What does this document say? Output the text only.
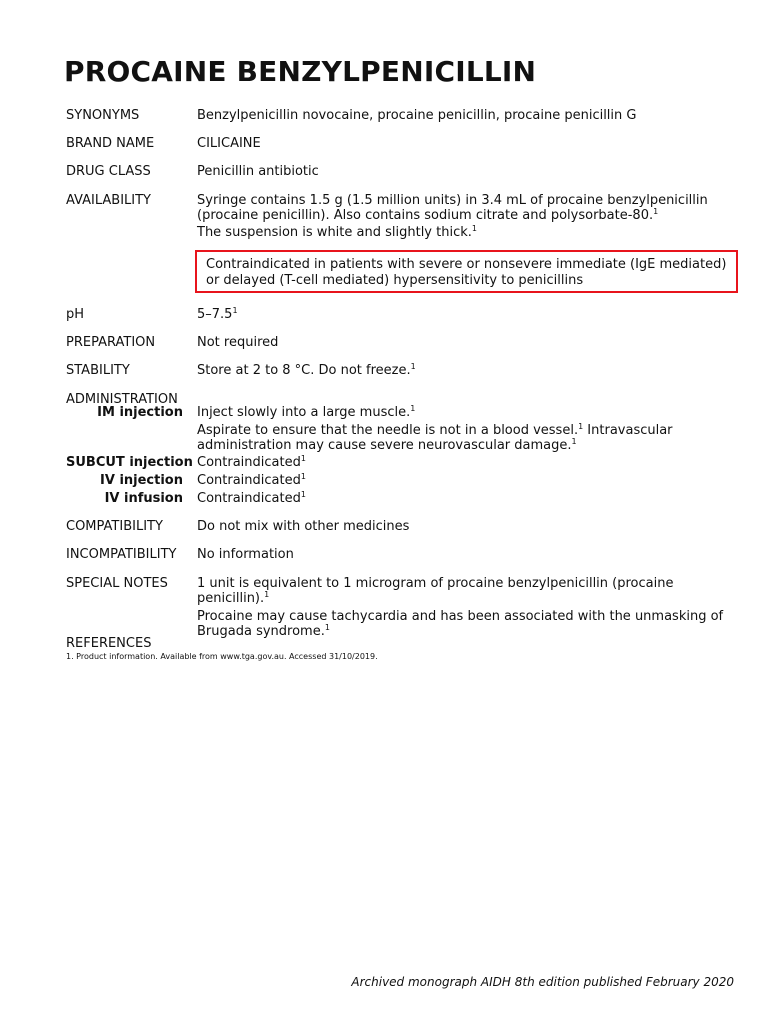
PROCAINE BENZYLPENICILLIN
SYNONYMS	Benzylpenicillin novocaine, procaine penicillin, procaine penicillin G
BRAND NAME	CILICAINE
DRUG CLASS	Penicillin antibiotic
AVAILABILITY	Syringe contains 1.5 g (1.5 million units) in 3.4 mL of procaine benzylpenicillin

(procaine penicillin). Also contains sodium citrate and polysorbate-80.$^1$

The suspension is white and slightly thick.$^1$

Contraindicated in patients with severe or nonsevere immediate (IgE mediated) or delayed (T-cell mediated) hypersensitivity to penicillins
pH	$5-7.5^1$
PREPARATION	Not required
STABILITY	Store at 2 to 8 °C. Do not freeze.$^1$
ADMINISTRATION
IM injection Inject slowly into a large muscle.$^1$

Aspirate to ensure that the needle is not in a blood vessel.$^1$ Intravascular

administration may cause severe neurovascular damage.$^1$

SUBCUT injection Contraindicated$^1$
IV injection Contraindicated$^1$
IV infusion Contraindicated$^1$
COMPATIBILITY	Do not mix with other medicines
INCOMPATIBILITY	No information
SPECIAL NOTES	1 unit is equivalent to 1 microgram of procaine benzylpenicillin (procaine penicillin).$^1$

Procaine may cause tachycardia and has been associated with the unmasking of

Brugada syndrome.$^1$

REFERENCES
1. Product information. Available from www.tga.gov.au. Accessed 31/10/2019.
Archived monograph AIDH 8th edition published February 2020
